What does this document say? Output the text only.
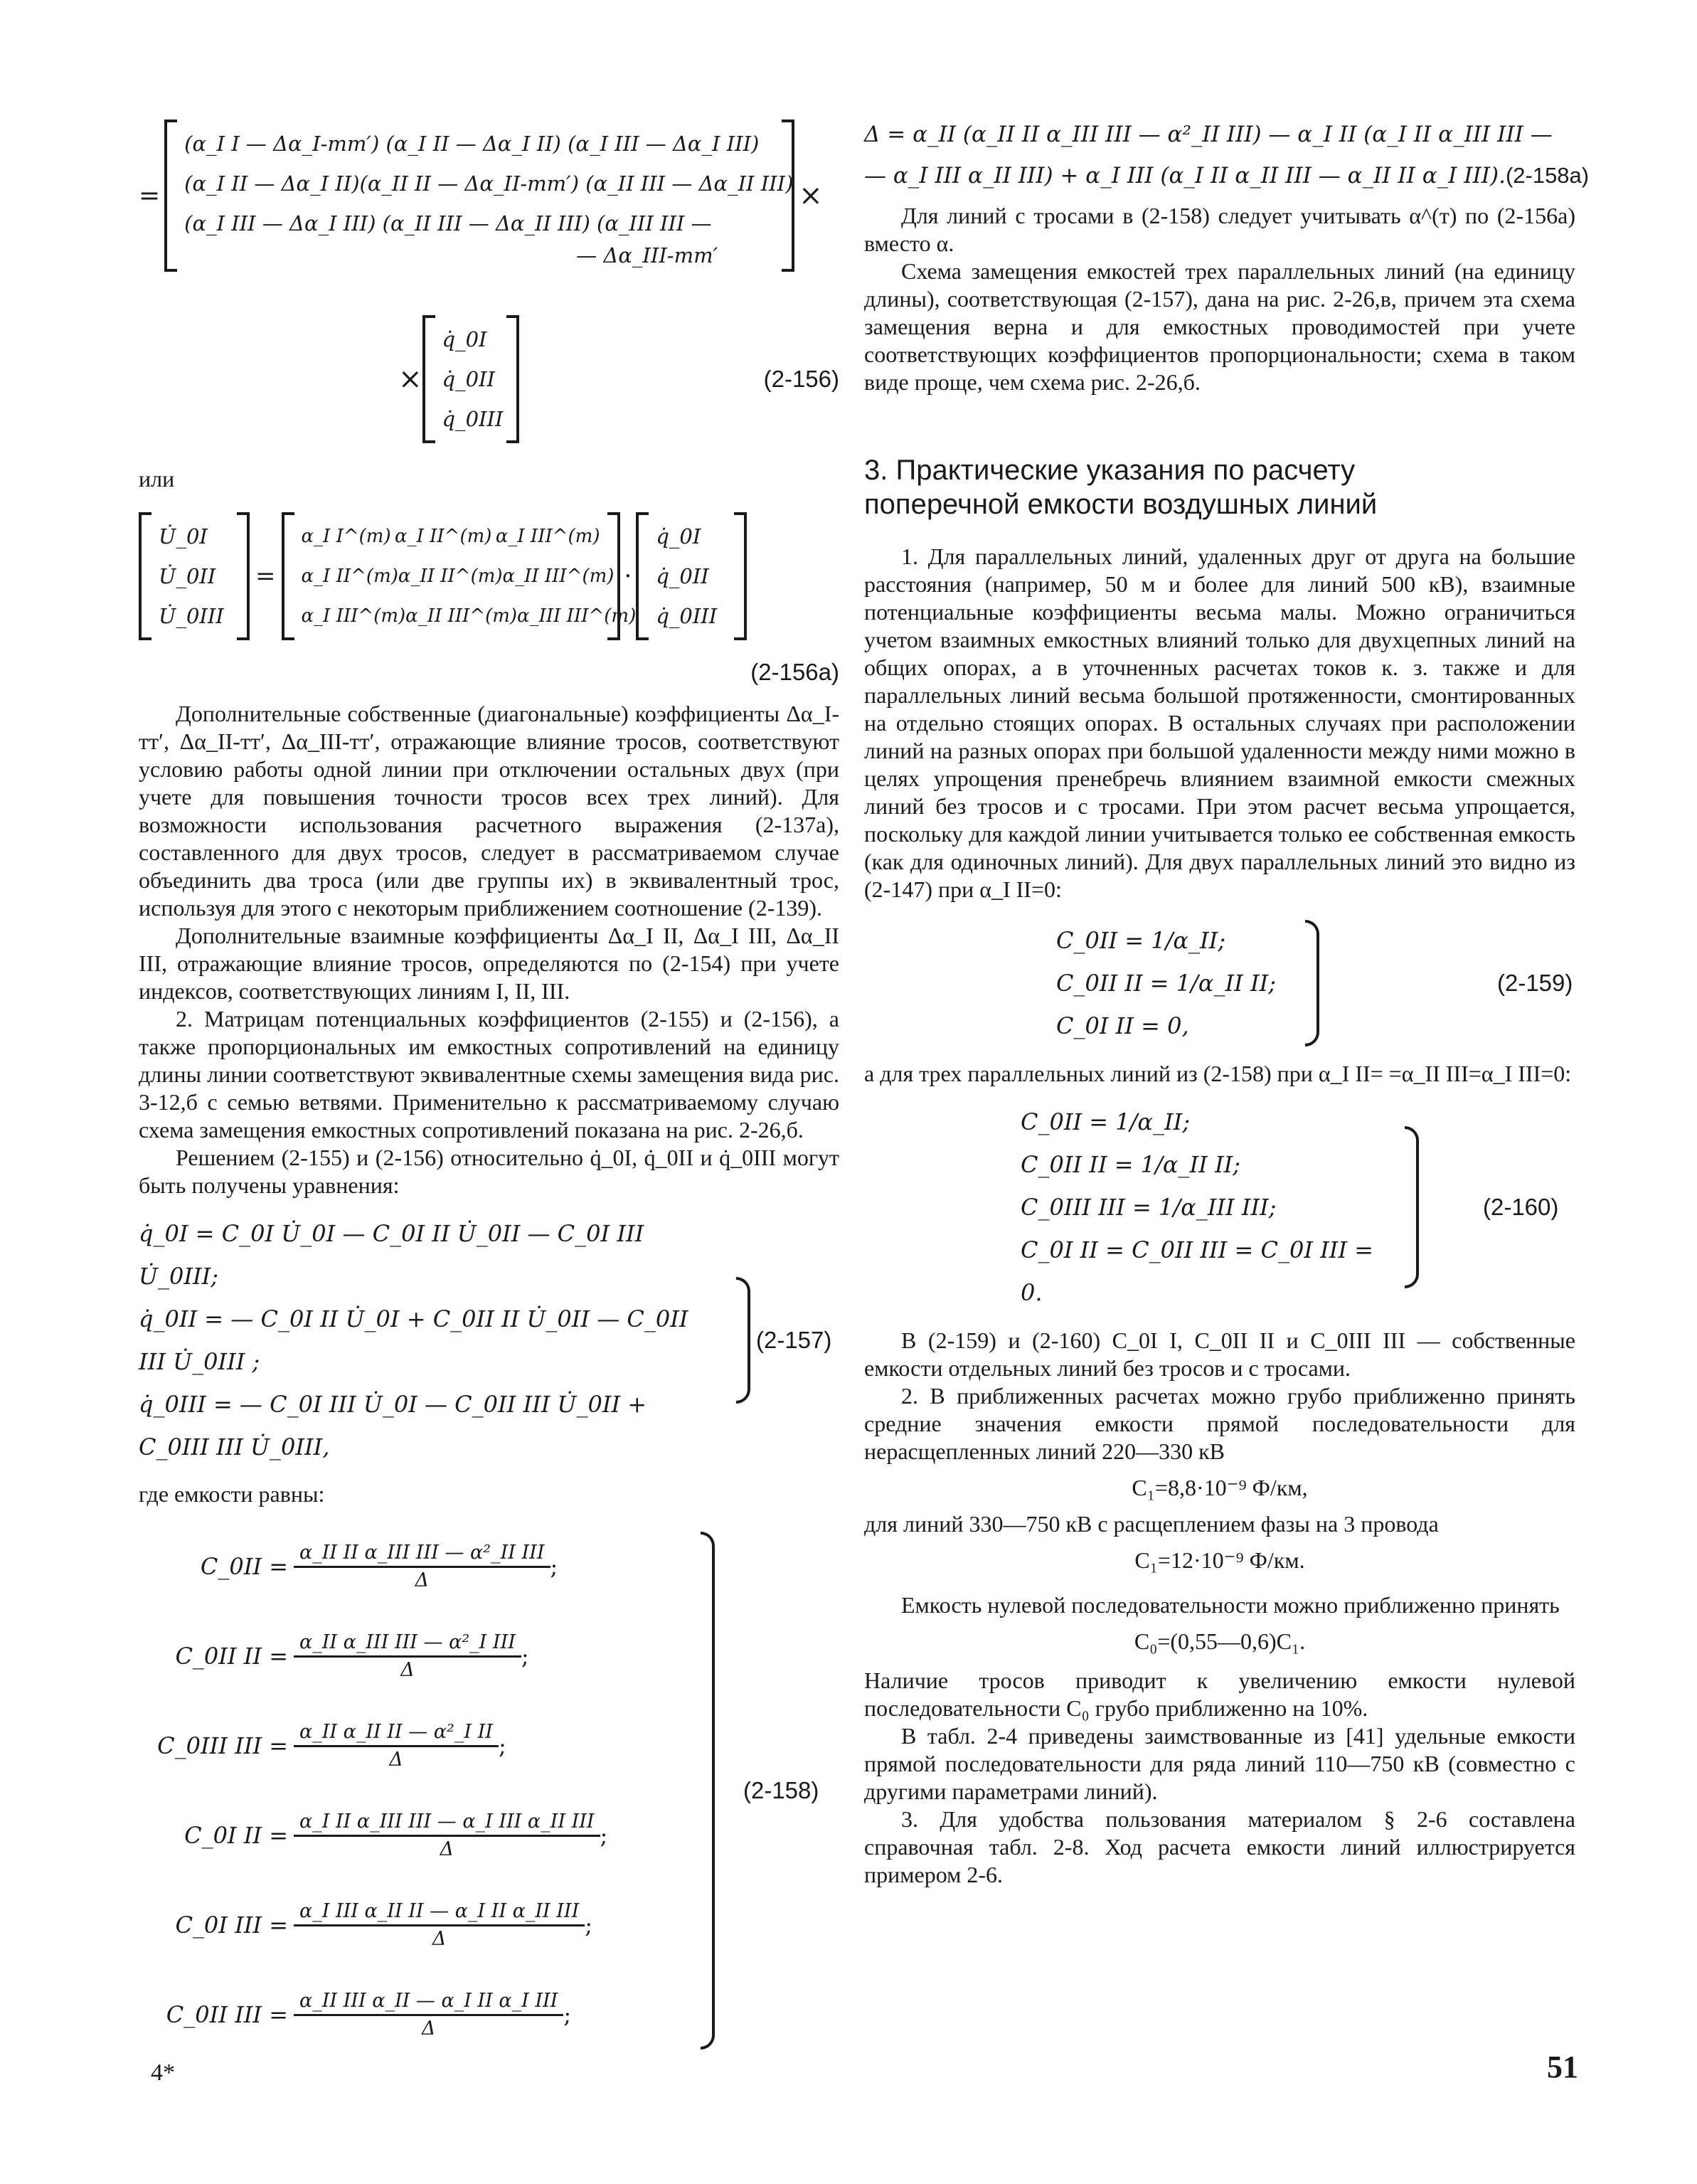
=
(α_I I — Δα_I-тт′) (α_I II — Δα_I II) (α_I III — Δα_I III)
(α_I II — Δα_I II)(α_II II — Δα_II-тт′) (α_II III — Δα_II III)
(α_I III — Δα_I III) (α_II III — Δα_II III) (α_III III —
— Δα_III-тт′
×
×
q̇_0I
q̇_0II
q̇_0III
(2-156)
или
U̇_0I
U̇_0II
U̇_0III
=
α_I I^(т) α_I II^(т) α_I III^(т)
α_I II^(т) α_II II^(т) α_II III^(т)
α_I III^(т) α_II III^(т) α_III III^(т)
·
q̇_0I
q̇_0II
q̇_0III
(2-156a)

Дополнительные собственные (диагональные) коэффициенты Δα_I-тт′, Δα_II-тт′, Δα_III-тт′, отражающие влияние тросов, соответствуют условию работы одной линии при отключении остальных двух (при учете для повышения точности тросов всех трех линий). Для возможности использования расчетного выражения (2-137а), составленного для двух тросов, следует в рассматриваемом случае объединить два троса (или две группы их) в эквивалентный трос, используя для этого с некоторым приближением соотношение (2-139).

Дополнительные взаимные коэффициенты Δα_I II, Δα_I III, Δα_II III, отражающие влияние тросов, определяются по (2-154) при учете индексов, соответствующих линиям I, II, III.

2. Матрицам потенциальных коэффициентов (2-155) и (2-156), а также пропорциональных им емкостных сопротивлений на единицу длины линии соответствуют эквивалентные схемы замещения вида рис. 3-12,б с семью ветвями. Применительно к рассматриваемому случаю схема замещения емкостных сопротивлений показана на рис. 2-26,б.

Решением (2-155) и (2-156) относительно q̇_0I, q̇_0II и q̇_0III могут быть получены уравнения:

q̇_0I = C_0I U̇_0I — C_0I II U̇_0II — C_0I III U̇_0III;
q̇_0II = — C_0I II U̇_0I + C_0II II U̇_0II — C_0II III U̇_0III ;
q̇_0III = — C_0I III U̇_0I — C_0II III U̇_0II + C_0III III U̇_0III,
(2-157)
где емкости равны:
C_0II = $\frac{\text{α\_II II α\_III III — α²\_II III}}{\Delta}$ ;
C_0II II = $\frac{\text{α\_II α\_III III — α²\_I III}}{\Delta}$ ;
C_0III III = $\frac{\text{α\_II α\_II II — α²\_I II}}{\Delta}$ ;
C_0I II = $\frac{\text{α\_I II α\_III III — α\_I III α\_II III}}{\Delta}$ ;
C_0I III = $\frac{\text{α\_I III α\_II II — α\_I II α\_II III}}{\Delta}$ ;
C_0II III = $\frac{\text{α\_II III α\_II — α\_I II α\_I III}}{\Delta}$ ;
(2-158)
Δ = α_II (α_II II α_III III — α²_II III) — α_I II (α_I II α_III III —
— α_I III α_II III) + α_I III (α_I II α_II III — α_II II α_I III). (2-158a)

Для линий с тросами в (2-158) следует учитывать α^(т) по (2-156а) вместо α.

Схема замещения емкостей трех параллельных линий (на единицу длины), соответствующая (2-157), дана на рис. 2-26,в, причем эта схема замещения верна и для емкостных проводимостей при учете соответствующих коэффициентов пропорциональности; схема в таком виде проще, чем схема рис. 2-26,б.

3. Практические указания по расчету
поперечной емкости воздушных линий

1. Для параллельных линий, удаленных друг от друга на большие расстояния (например, 50 м и более для линий 500 кВ), взаимные потенциальные коэффициенты весьма малы. Можно ограничиться учетом взаимных емкостных влияний только для двухцепных линий на общих опорах, а в уточненных расчетах токов к. з. также и для параллельных линий весьма большой протяженности, смонтированных на отдельно стоящих опорах. В остальных случаях при расположении линий на разных опорах при большой удаленности между ними можно в целях упрощения пренебречь влиянием взаимной емкости смежных линий без тросов и с тросами. При этом расчет весьма упрощается, поскольку для каждой линии учитывается только ее собственная емкость (как для одиночных линий). Для двух параллельных линий это видно из (2-147) при α_I II=0:

C_0II = 1/α_II;
C_0II II = 1/α_II II;
C_0I II = 0,
(2-159)

а для трех параллельных линий из (2-158) при α_I II= =α_II III=α_I III=0:

C_0II = 1/α_II;
C_0II II = 1/α_II II;
C_0III III = 1/α_III III;
C_0I II = C_0II III = C_0I III = 0.
(2-160)

В (2-159) и (2-160) C_0I I, C_0II II и C_0III III — собственные емкости отдельных линий без тросов и с тросами.

2. В приближенных расчетах можно грубо приближенно принять средние значения емкости прямой последовательности для нерасщепленных линий 220—330 кВ

C₁=8,8·10⁻⁹ Ф/км,

для линий 330—750 кВ с расщеплением фазы на 3 провода

C₁=12·10⁻⁹ Ф/км.

Емкость нулевой последовательности можно приближенно принять

C₀=(0,55—0,6)C₁.

Наличие тросов приводит к увеличению емкости нулевой последовательности C₀ грубо приближенно на 10%.

В табл. 2-4 приведены заимствованные из [41] удельные емкости прямой последовательности для ряда линий 110—750 кВ (совместно с другими параметрами линий).

3. Для удобства пользования материалом § 2-6 составлена справочная табл. 2-8. Ход расчета емкости линий иллюстрируется примером 2-6.

4*	51
